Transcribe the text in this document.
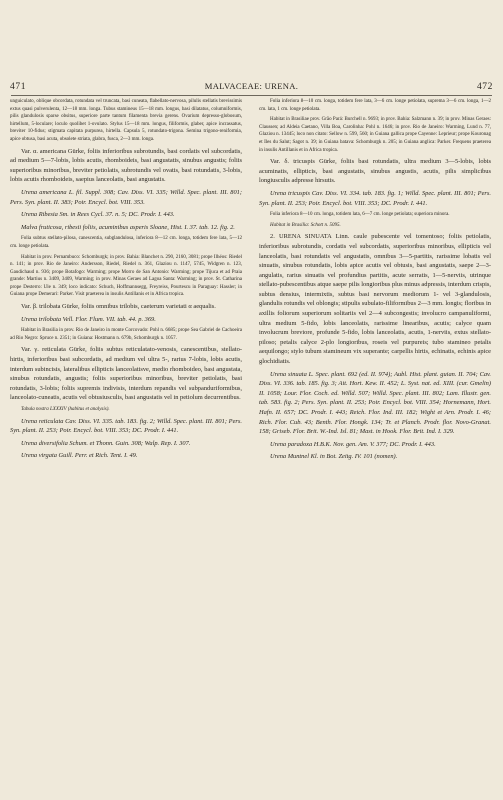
471	MALVACEAE: URENA.	472

unguiculato, oblique obcordata, rotundata vel truncata, basi cuneata, flabellato-nervosa, pilulis stellatis brevissimis extus quasi pulverulenta, 12—18 mm. longa. Tubus stamineus 15—18 mm. longus, basi dilatatus, columniformis, pilis glandulosis sparse obsitus, superiore parte tantum filamenta brevia gerens. Ovarium depresso-globosum, hirtellum, 5-loculare; loculo quolibet 1-ovulato. Stylus 15—18 mm. longus, filiformis, glaber, apice incrassatus, breviter 10-fidus; stigmata capitata purpurea, hirtella. Capsula 5, rotundato-trigona. Semina trigono-reniformia, apice obtusa, basi acuta, obsolete striata, glabra, fusca, 2—3 mm. longa.

Var. α. americana Gürke, foliis inferioribus subrotundis, basi cordatis vel subcordatis, ad medium 5—7-lobis, lobis acutis, rhomboideis, basi angustatis, sinubus angustis; foliis superioribus minoribus, breviter petiolatis, subrotundis vel ovatis, basi rotundatis, 3-lobis, lobis acutis rhomboideis, saepius lanceolatis, basi angustatis.

Urena americana L. fil. Suppl. 308; Cav. Diss. VI. 335; Willd. Spec. plant. III. 801; Pers. Syn. plant. II. 383; Poir. Encycl. bot. VIII. 353.

Urena Ribesia Sm. in Rees Cycl. 37. n. 5; DC. Prodr. I. 443.

Malva fruticosa, ribesii foliis, acuminibus asperis Sloane, Hist. I. 37. tab. 12. fig. 2.

Folia subtus stellato-pilosa, canescentia, subglandulosa, inferiora 8—12 cm. longa, totidem fere lata, 5—12 cm. longe petiolata.

Habitat in prov. Pernambuco: Schomburgk; in prov. Bahia: Blanchet n. 290, 2160, 3081; prope Ilhéos: Riedel n. 141; in prov. Rio de Janeiro: Andersson, Riedel, Riedel n. 361, Glaziou n. 1147, 5745, Widgren n. 123, Gaudichaud n. 936; prope Botafogo: Warming; prope Morro de San Antonio: Warming; prope Tijuca et ad Praia grande: Martius n. 3409, 3409, Warming; in prov. Minas Geraes ad Lagoa Santa: Warming; in prov. St. Catharina prope Desterro: Ule n. 349; loco indicato: Schuch, Hoffmannsegg, Freyreiss, Pourtescu in Paraguay: Hassler; in Guiana prope Demerari: Parker. Visit praeterea in insulis Antillanis et in Africa tropica.

Var. β. trilobata Gürke, foliis omnibus trilobis, caeterum varietati α aequalis.

Urena trilobata Vell. Flor. Flum. VII. tab. 44. p. 369.

Habitat in Brasilia in prov. Rio de Janeiro in monte Corcovado: Pohl n. 6685; prope Sea Gabriel de Cachoeira ad Rio Negro: Spruce n. 2351; in Guiana: Hostmann n. 679b, Schomburgk n. 1057.

Var. γ. reticulata Gürke, foliis subtus reticulatato-venosis, canescentibus, stellato-hirtis, inferioribus basi subcordatis, ad medium vel ultra 5-, rarius 7-lobis, lobis acutis, interdum subincisis, lateralibus ellipticis lanceolatisve, medio rhomboideo, basi angustata, sinubus rotundatis, angustis; foliis superioribus minoribus, breviter petiolatis, basi rotundatis, 3-lobis; foliis supremis indivisis, interdum repandis vel subpanduriformibus, lanceolato-cuneatis, acutis vel obtusiusculis, basi angustatis vel in petiolum decurrentibus.

Tabula nostra LXXXIV (habitus et analysis).

Urena reticulata Cav. Diss. VI. 335. tab. 183. fig. 2; Willd. Spec. plant. III. 801; Pers. Syn. plant. II. 253; Poir. Encycl. bot. VIII. 353; DC. Prodr. I. 441.

Urena diversifolia Schum. et Thonn. Guin. 308; Walp. Rep. I. 307.

Urena virgata Guill. Perr. et Rich. Tent. I. 49.

Folia inferiora 8—10 cm. longa, totidem fere lata, 3—6 cm. longe petiolata, suprema 3—6 cm. longa, 1—2 cm. lata, 1 cm. longe petiolata.

Habitat in Brasiliae prov. Grão Pará: Burchell n. 9693; in prov. Bahia: Salzmann n. 39; in prov. Minas Geraes: Claussen; ad Aldeia Caetano, Villa Boa, Carolinha: Pohl n. 1646; in prov. Rio de Janeiro: Warming, Lund n. 77, Glaziou n. 13445; loco non citato: Sellow n. 599, 560; in Guiana gallica prope Cayenne: Leprieur; prope Kouronag et Iles du Salut; Sagot n. 39; in Guiana batava: Schomburgk n. 205; in Guiana anglica: Parker. Frequens praeterea in insulis Antillanis et in Africa tropica.

Var. δ. tricuspis Gürke, foliis basi rotundatis, ultra medium 3—5-lobis, lobis acuminatis, ellipticis, basi angustatis, sinubus angustis, acutis, pilis simplicibus longiusculis adpresse hirsutis.

Urena tricuspis Cav. Diss. VI. 334. tab. 183. fig. 1; Willd. Spec. plant. III. 801; Pers. Syn. plant. II. 253; Poir. Encycl. bot. VIII. 353; DC. Prodr. I. 441.

Folia inferiora 8—10 cm. longa, totidem lata, 6—7 cm. longe petiolata; superiora minora.

Habitat in Brasilia: Schott n. 5095.

2. URENA SINUATA Linn. caule pubescente vel tomentoso; foliis petiolatis, inferioribus subrotundis, cordatis vel subcordatis, superioribus minoribus, ellipticis vel lanceolatis, basi rotundatis vel angustatis, omnibus 3—5-partitis, rarissime lobatis vel sinuatis, sinubus rotundatis, lobis apice acutis vel obtusis, basi angustatis, saepe 2—3-angulatis, rarius sinuatis vel profundius partitis, acute serratis, 1—5-nerviis, utrinque stellato-pubescentibus atque saepe pilis longioribus plus minus adpressis, interdum crispis, subtus densius, intermixtis, subtus basi nervorum mediorum 1- vel 3-glandulosis, glandulis rotundis vel oblongis; stipulis subulato-filiformibus 2—3 mm. longis; floribus in axillis foliorum superiorum solitariis vel 2—4 subcongestis; involucro campanuliformi, ultra medium 5-fido, lobis lanceolatis, rarissime linearibus, acutis; calyce quam involucrum breviore, profunde 5-fido, lobis lanceolatis, acutis, 1-nerviis, extus stellato-piloso; petalis calyce 2-plo longioribus, roseis vel purpureis; tubo stamineo petalis aequilongo; stylo tubum stamineum vix superante; carpellis hirtis, echinatis, echinis apice glochidiatis.

Urena sinuata L. Spec. plant. 692 (ed. II. 974); Aubl. Hist. plant. guian. II. 704; Cav. Diss. VI. 336. tab. 185. fig. 3; Ait. Hort. Kew. II. 452; L. Syst. nat. ed. XIII. (cur. Gmelin) II. 1058; Lour. Flor. Coch. ed. Willd. 507; Willd. Spec. plant. III. 802; Lam. Illustr. gen. tab. 583. fig. 2; Pers. Syn. plant. II. 253; Poir. Encycl. bot. VIII. 354; Hornemann, Hort. Hafn. II. 657; DC. Prodr. I. 443; Reich. Flor. Ind. III. 182; Wight et Arn. Prodr. I. 46; Rich. Flor. Cub. 43; Benth. Flor. Hongk. 134; Tr. et Planch. Prodr. flor. Novo-Granat. 158; Griseb. Flor. Brit. W.-Ind. Isl. 81; Mast. in Hook. Flor. Brit. Ind. I. 329.

Urena paradoxa H.B.K. Nov. gen. Am. V. 377; DC. Prodr. I. 443.

Urena Muntnel Kl. in Bot. Zeitg. IV. 101 (nomen).
